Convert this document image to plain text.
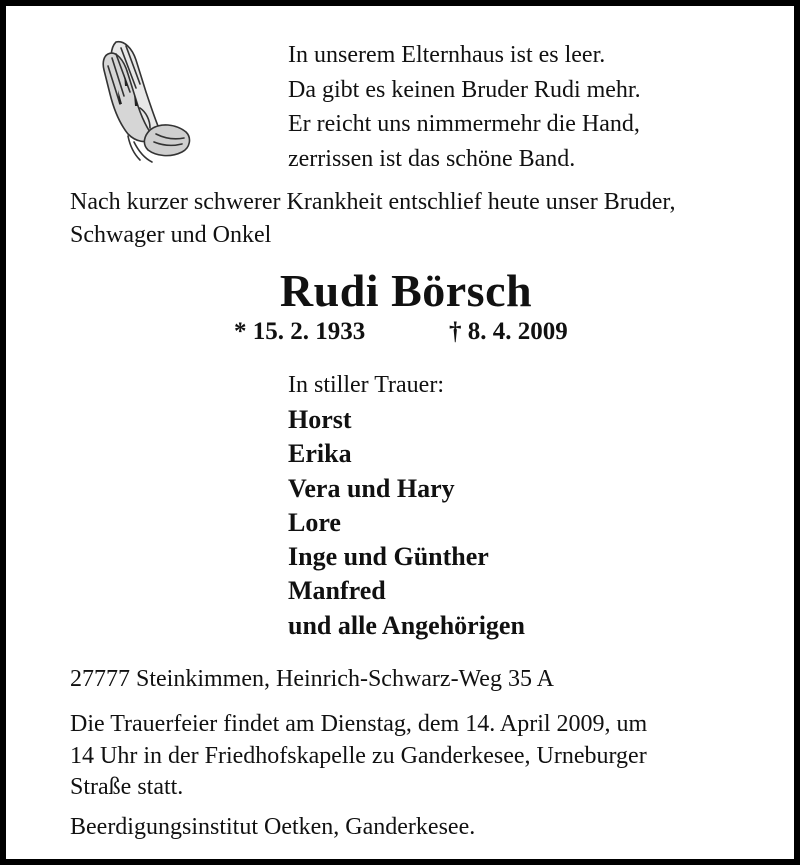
In unserem Elternhaus ist es leer.
Da gibt es keinen Bruder Rudi mehr.
Er reicht uns nimmermehr die Hand,
zerrissen ist das schöne Band.
Nach kurzer schwerer Krankheit entschlief heute unser Bruder, Schwager und Onkel
Rudi Börsch
* 15. 2. 1933	† 8. 4. 2009
In stiller Trauer:
Horst
Erika
Vera und Hary
Lore
Inge und Günther
Manfred
und alle Angehörigen
27777 Steinkimmen, Heinrich-Schwarz-Weg 35 A
Die Trauerfeier findet am Dienstag, dem 14. April 2009, um
14 Uhr in der Friedhofskapelle zu Ganderkesee, Urneburger
Straße statt.
Beerdigungsinstitut Oetken, Ganderkesee.
